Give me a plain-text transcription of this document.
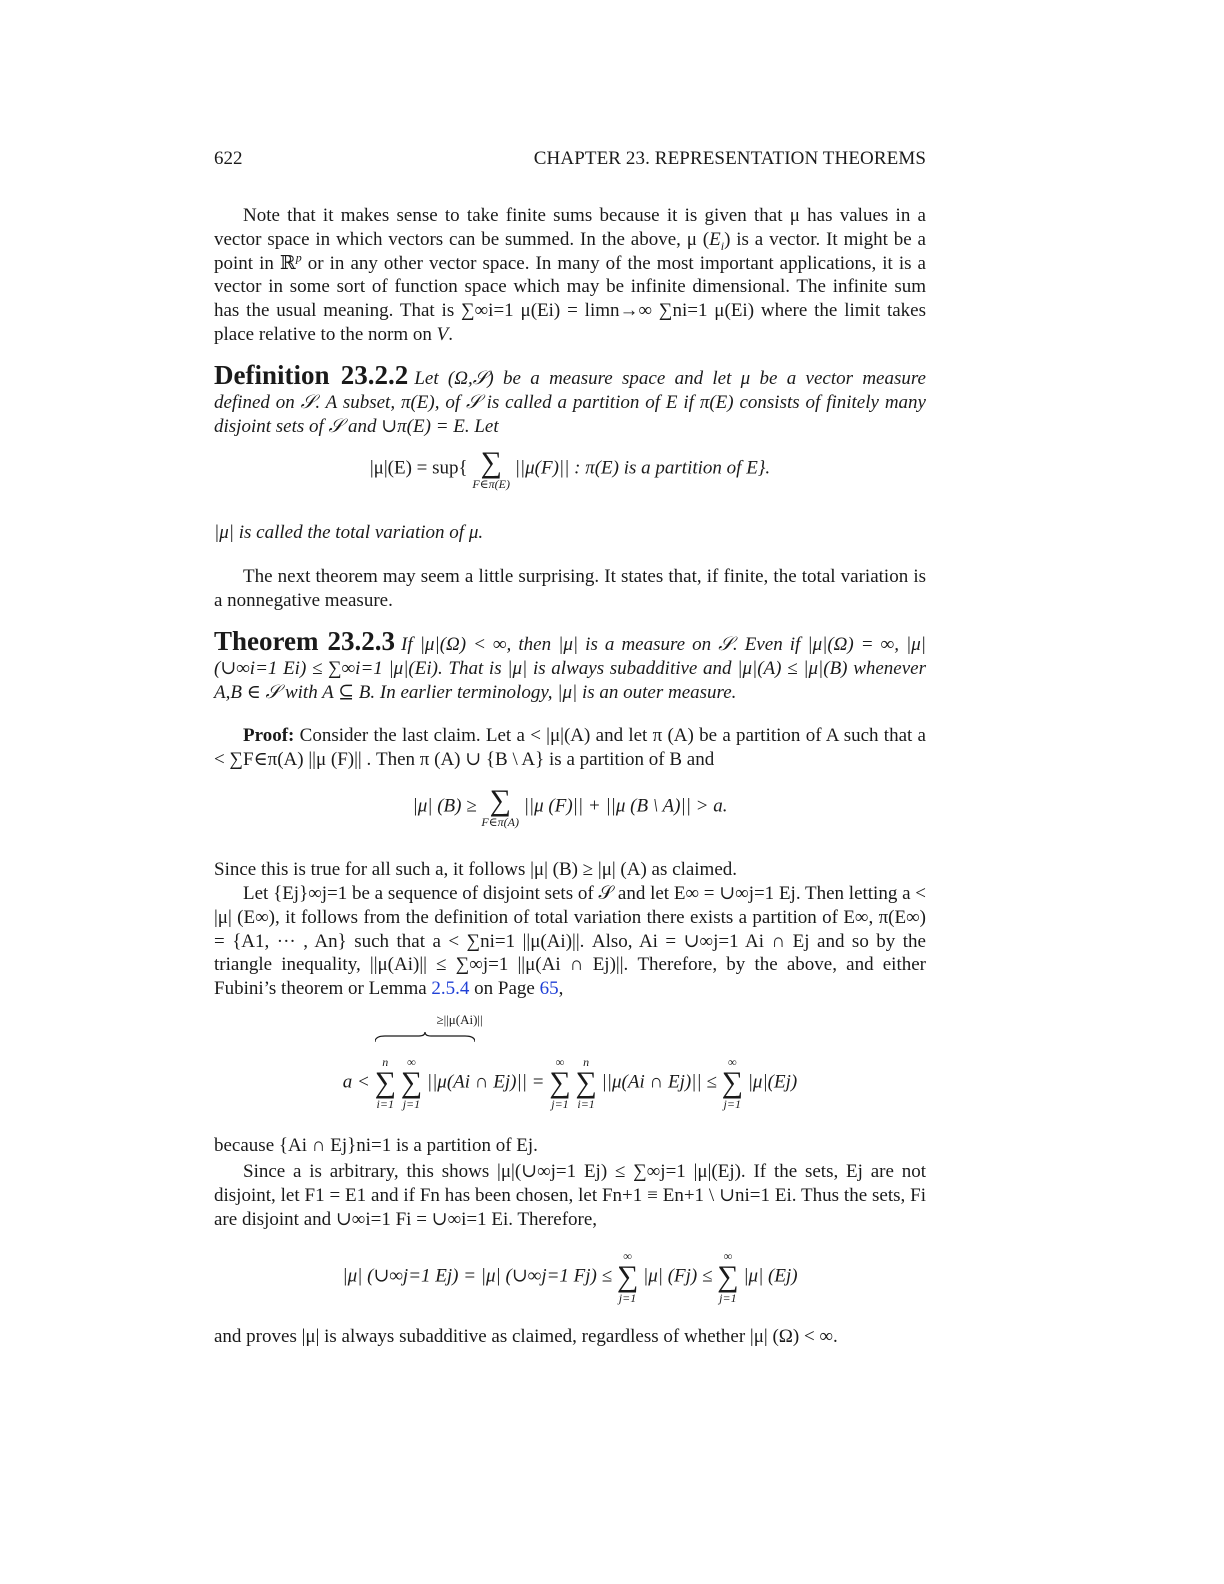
622	CHAPTER 23. REPRESENTATION THEOREMS
Note that it makes sense to take finite sums because it is given that μ has values in a vector space in which vectors can be summed. In the above, μ $(E_i)$ is a vector. It might be a point in ℝ$^p$ or in any other vector space. In many of the most important applications, it is a vector in some sort of function space which may be infinite dimensional. The infinite sum has the usual meaning. That is ∑∞i=1 μ(Ei) = limn→∞ ∑ni=1 μ(Ei) where the limit takes place relative to the norm on V.
Definition 23.2.2 Let (Ω,𝒮) be a measure space and let μ be a vector measure defined on 𝒮. A subset, π(E), of 𝒮 is called a partition of E if π(E) consists of finitely many disjoint sets of 𝒮 and ∪π(E) = E. Let
|μ|(E) = sup{ ∑
F∈π(E)
||μ(F)|| : π(E) is a partition of E}.
|μ| is called the total variation of μ.
The next theorem may seem a little surprising. It states that, if finite, the total variation is a nonnegative measure.
Theorem 23.2.3 If |μ|(Ω) < ∞, then |μ| is a measure on 𝒮. Even if |μ|(Ω) = ∞, |μ|(∪∞i=1 Ei) ≤ ∑∞i=1 |μ|(Ei). That is |μ| is always subadditive and |μ|(A) ≤ |μ|(B) whenever A,B ∈ 𝒮 with A ⊆ B. In earlier terminology, |μ| is an outer measure.
Proof: Consider the last claim. Let a < |μ|(A) and let π (A) be a partition of A such that a < ∑F∈π(A) ||μ (F)|| . Then π (A) ∪ {B \ A} is a partition of B and
|μ| (B) ≥ ∑
F∈π(A)
||μ (F)|| + ||μ (B \ A)|| > a.
Since this is true for all such a, it follows |μ| (B) ≥ |μ| (A) as claimed.
Let {Ej}∞j=1 be a sequence of disjoint sets of 𝒮 and let E∞ = ∪∞j=1 Ej. Then letting a < |μ| (E∞), it follows from the definition of total variation there exists a partition of E∞, π(E∞) = {A1, ··· , An} such that a < ∑ni=1 ||μ(Ai)||. Also, Ai = ∪∞j=1 Ai ∩ Ej and so by the triangle inequality, ||μ(Ai)|| ≤ ∑∞j=1 ||μ(Ai ∩ Ej)||. Therefore, by the above, and either Fubini’s theorem or Lemma 2.5.4 on Page 65,
a <
≥||μ(Ai)||
n
∑
i=1

∞
∑
j=1
||μ(Ai ∩ Ej)|| =
∞
∑
j=1

n
∑
i=1
||μ(Ai ∩ Ej)|| ≤
∞
∑
j=1
|μ|(Ej)
because {Ai ∩ Ej}ni=1 is a partition of Ej.
Since a is arbitrary, this shows |μ|(∪∞j=1 Ej) ≤ ∑∞j=1 |μ|(Ej). If the sets, Ej are not disjoint, let F1 = E1 and if Fn has been chosen, let Fn+1 ≡ En+1 \ ∪ni=1 Ei. Thus the sets, Fi are disjoint and ∪∞i=1 Fi = ∪∞i=1 Ei. Therefore,
|μ| (∪∞j=1 Ej) = |μ| (∪∞j=1 Fj) ≤
∞
∑
j=1
|μ| (Fj) ≤
∞
∑
j=1
|μ| (Ej)
and proves |μ| is always subadditive as claimed, regardless of whether |μ| (Ω) < ∞.
